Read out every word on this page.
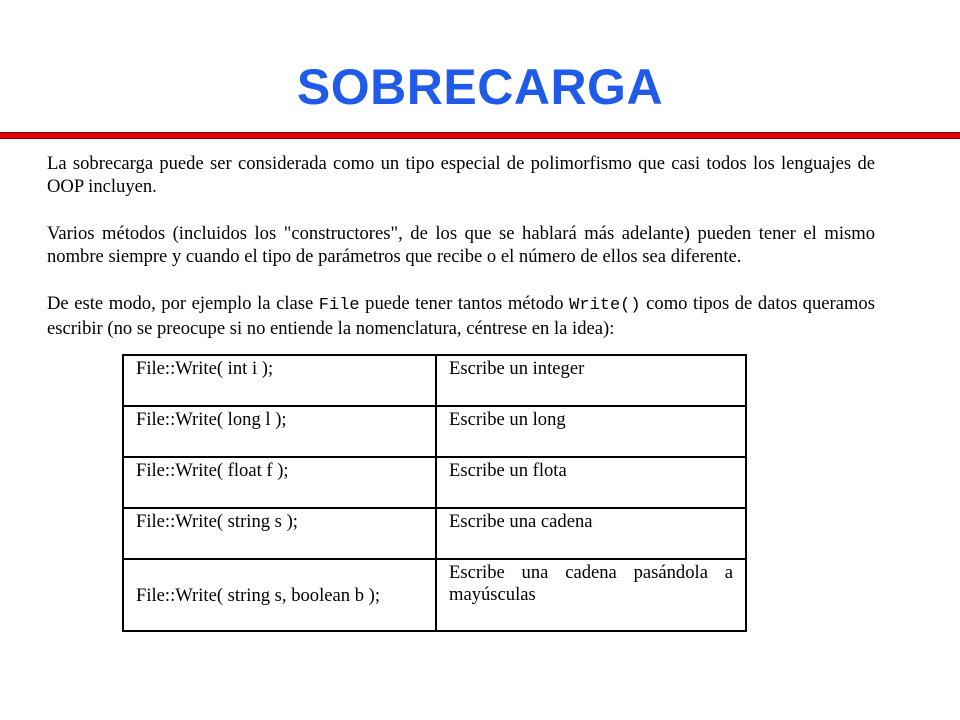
SOBRECARGA

La sobrecarga puede ser considerada como un tipo especial de polimorfismo que casi todos los lenguajes de OOP incluyen.

Varios métodos (incluidos los "constructores", de los que se hablará más adelante) pueden tener el mismo nombre siempre y cuando el tipo de parámetros que recibe o el número de ellos sea diferente.

De este modo, por ejemplo la clase File puede tener tantos método Write() como tipos de datos queramos escribir (no se preocupe si no entiende la nomenclatura, céntrese en la idea):

File::Write( int i );	Escribe un integer
File::Write( long l );	Escribe un long
File::Write( float f );	Escribe un flota
File::Write( string s );	Escribe una cadena
File::Write( string s, boolean b );	Escribe una cadena pasándola a mayúsculas
